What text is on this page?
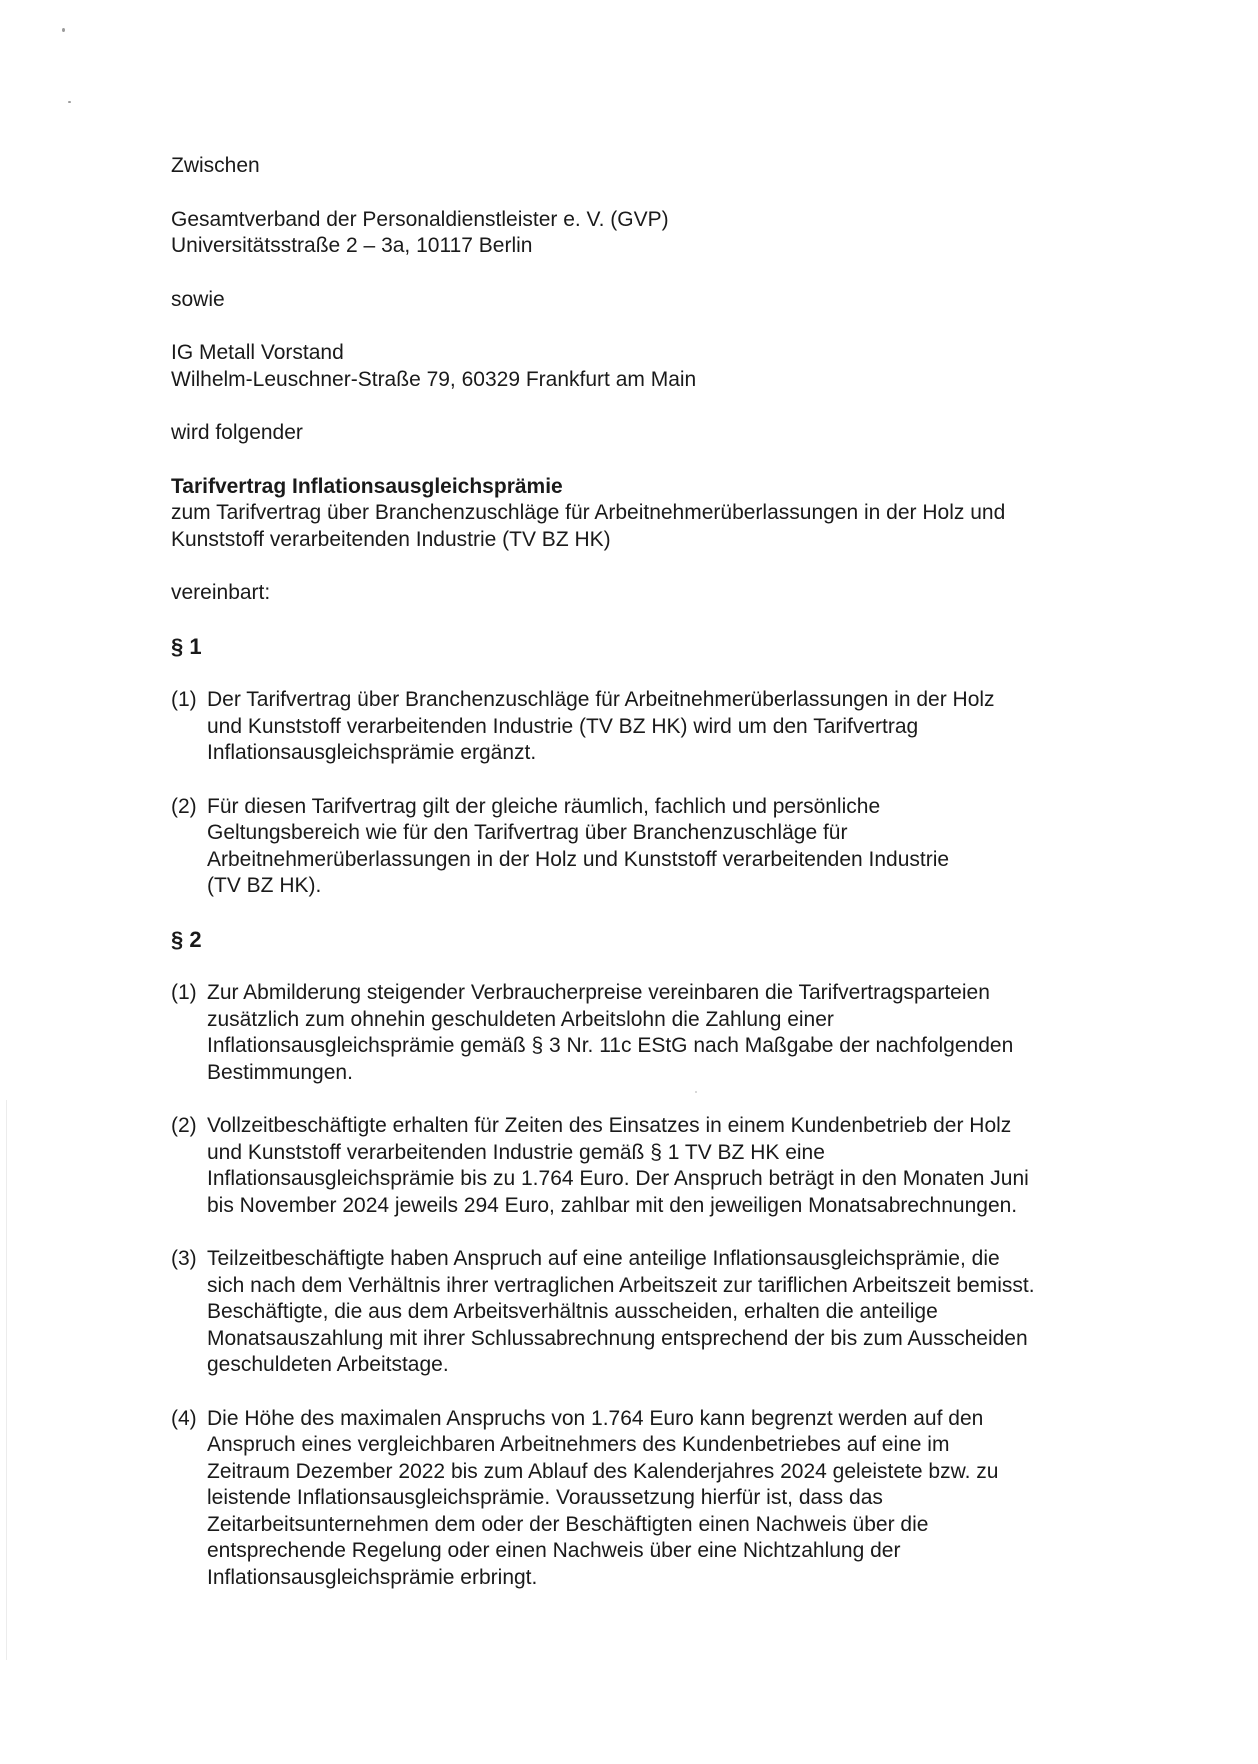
Zwischen

Gesamtverband der Personaldienstleister e. V. (GVP)

Universitätsstraße 2 – 3a, 10117 Berlin

sowie

IG Metall Vorstand

Wilhelm-Leuschner-Straße 79, 60329 Frankfurt am Main

wird folgender

Tarifvertrag Inflationsausgleichsprämie

zum Tarifvertrag über Branchenzuschläge für Arbeitnehmerüberlassungen in der Holz und

Kunststoff verarbeitenden Industrie (TV BZ HK)

vereinbart:

§ 1

(1) Der Tarifvertrag über Branchenzuschläge für Arbeitnehmerüberlassungen in der Holz
und Kunststoff verarbeitenden Industrie (TV BZ HK) wird um den Tarifvertrag
Inflationsausgleichsprämie ergänzt.

(2) Für diesen Tarifvertrag gilt der gleiche räumlich, fachlich und persönliche
Geltungsbereich wie für den Tarifvertrag über Branchenzuschläge für
Arbeitnehmerüberlassungen in der Holz und Kunststoff verarbeitenden Industrie
(TV BZ HK).

§ 2

(1) Zur Abmilderung steigender Verbraucherpreise vereinbaren die Tarifvertragsparteien
zusätzlich zum ohnehin geschuldeten Arbeitslohn die Zahlung einer
Inflationsausgleichsprämie gemäß § 3 Nr. 11c EStG nach Maßgabe der nachfolgenden
Bestimmungen.

(2) Vollzeitbeschäftigte erhalten für Zeiten des Einsatzes in einem Kundenbetrieb der Holz
und Kunststoff verarbeitenden Industrie gemäß § 1 TV BZ HK eine
Inflationsausgleichsprämie bis zu 1.764 Euro. Der Anspruch beträgt in den Monaten Juni
bis November 2024 jeweils 294 Euro, zahlbar mit den jeweiligen Monatsabrechnungen.

(3) Teilzeitbeschäftigte haben Anspruch auf eine anteilige Inflationsausgleichsprämie, die
sich nach dem Verhältnis ihrer vertraglichen Arbeitszeit zur tariflichen Arbeitszeit bemisst.
Beschäftigte, die aus dem Arbeitsverhältnis ausscheiden, erhalten die anteilige
Monatsauszahlung mit ihrer Schlussabrechnung entsprechend der bis zum Ausscheiden
geschuldeten Arbeitstage.

(4) Die Höhe des maximalen Anspruchs von 1.764 Euro kann begrenzt werden auf den
Anspruch eines vergleichbaren Arbeitnehmers des Kundenbetriebes auf eine im
Zeitraum Dezember 2022 bis zum Ablauf des Kalenderjahres 2024 geleistete bzw. zu
leistende Inflationsausgleichsprämie. Voraussetzung hierfür ist, dass das
Zeitarbeitsunternehmen dem oder der Beschäftigten einen Nachweis über die
entsprechende Regelung oder einen Nachweis über eine Nichtzahlung der
Inflationsausgleichsprämie erbringt.
